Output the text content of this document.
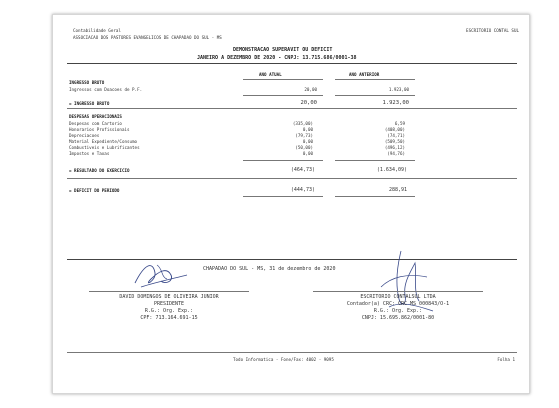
Contabilidade Geral
ASSOCIACAO DOS PASTORES EVANGELICOS DE CHAPADAO DO SUL - MS
ESCRITORIO CONTAL SUL
DEMONSTRACAO SUPERAVIT OU DEFICIT
JANEIRO A DEZEMBRO DE 2020 - CNPJ: 13.715.686/0001-38
ANO ATUAL	ANO ANTERIOR
INGRESSO BRUTO
Ingressos com Doacoes de P.F.	20,00	1.923,00
= INGRESSO BRUTO	20,00	1.923,00
DESPESAS OPERACIONAIS
Despesas com Cartorio	(335,00)	6,59
Honorarios Profissionais	0,00	(408,00)
Depreciacoes	(79,73)	(74,71)
Material Expediente/Consumo	0,00	(509,50)
Combustiveis e Lubrificantes	(50,00)	(496,12)
Impostos e Taxas	0,00	(94,76)
= RESULTADO DO EXERCICIO	(464,73)	(1.634,09)
= DEFICIT DO PERIODO	(444,73)	288,91
CHAPADAO DO SUL - MS, 31 de dezembro de 2020
DAVID DOMINGOS DE OLIVEIRA JUNIOR
PRESIDENTE
R.G.: Org. Exp.:
CPF: 713.164.691-15
ESCRITORIO CONTALSUL LTDA
Contador(a) CRC: CRC MS 000843/O-1
R.G.: Org. Exp.:
CNPJ: 15.695.862/0001-80
Todo Informatica - Fone/Fax: 4002 - 9095	Folha 1
